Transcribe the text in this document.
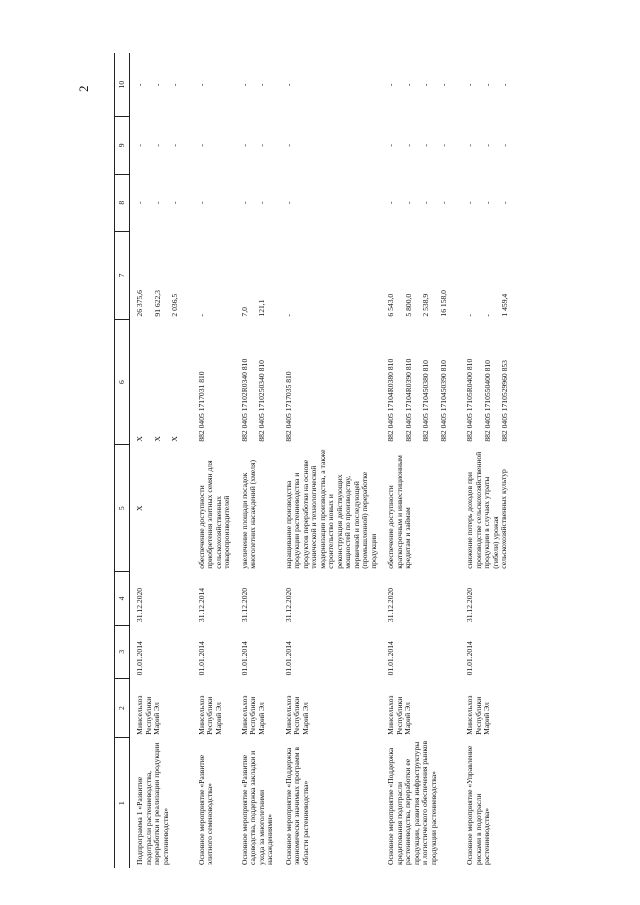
2
1	2	3	4	5	6	7	8	9	10
Подпрограмма 1 «Развитие подотрасли растениеводства, переработки и реализации продукции растениеводства»	Минсельхоз Республики Марий Эл	01.01.2014	31.12.2020	X	X X X	26 375,6 91 622,3 2 036,5	- - -	- - -	- - -

Основное мероприятие «Развитие элитного семеноводства»	Минсельхоз Республики Марий Эл	01.01.2014	31.12.2014	обеспечение доступности приобретения элитных семян для сельскохозяйственных товаропроизводителей	882 0405 1717031 810	-	-	-	-

Основное мероприятие «Развитие садоводства, поддержка закладки и ухода за многолетними насаждениями»	Минсельхоз Республики Марий Эл	01.01.2014	31.12.2020	увеличение площади посадок многолетних насаждений (хмеля)	882 0405 17102R0340 810 882 0405 1710250340 810	7,0 121,1	- -	- -	- -

Основное мероприятие «Поддержка экономически значимых программ в области растениеводства»	Минсельхоз Республики Марий Эл	01.01.2014	31.12.2020	наращивание производства продукции растениеводства и продуктов переработки на основе технической и технологической модернизации производства, а также строительство новых и реконструкция действующих мощностей по производству, первичной и последующей (промышленной) переработке продукции	882 0405 1717035 810	-	-	-	-

Основное мероприятие «Поддержка кредитования подотрасли растениеводства, переработки ее продукции, развития инфраструктуры и логистического обеспечения рынков продукции растениеводства»	Минсельхоз Республики Марий Эл	01.01.2014	31.12.2020	обеспечение доступности краткосрочным и инвестиционным кредитам и займам	882 0405 17104R0380 810 882 0405 17104R0390 810 882 0405 1710450380 810 882 0405 1710450390 810	6 543,0 5 800,0 2 538,9 16 158,0	- - - -	- - - -	- - - -

Основное мероприятие «Управление рисками в подотрасли растениеводства»	Минсельхоз Республики Марий Эл	01.01.2014	31.12.2020	снижение потерь доходов при производстве сельскохозяйственной продукции в случаях утраты (гибели) урожая сельскохозяйственных культур	882 0405 17105R0400 810 882 0405 1710550400 810 882 0405 1710529960 853	- - 1 459,4	- - -	- - -	- - -
